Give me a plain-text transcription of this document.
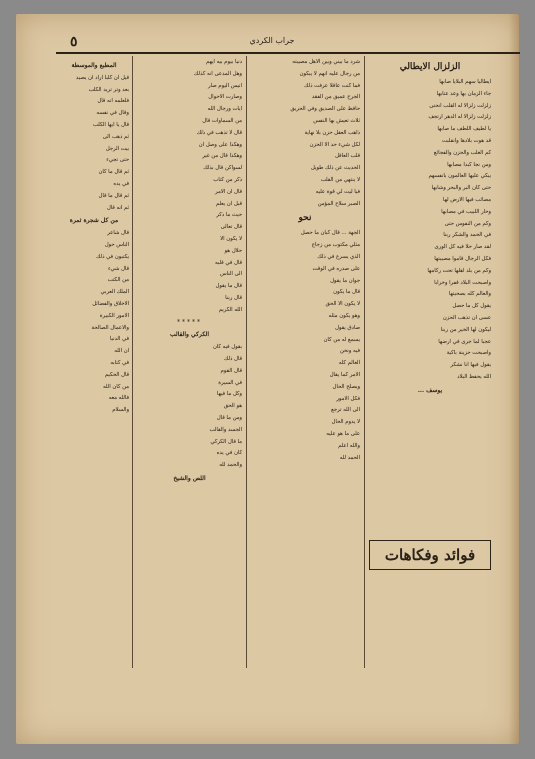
٥	جراب الكردي
الزلزال الايطالي

ايطاليا سهم البلايا صابها

جاء الزمان بها وعد عتابها

زلزلت زلزالا له القلب انحنى

زلزلت زلزالا له الدهر ارتجف

يا لطيف اللطف ما صابها

قد هوت بلادها وانقلبت

كم الغلب والحزن والفجائع

ومن نجا كبدا مصابها

يبكي عليها العالمون بانفسهم

حتى كان البر والبحر وشابها

مصائب فيها الارض لها

وحار اللبيب في مصابها

وكم من النفوس حتى

في الحمد والشكر ربنا

لقد صار حلا فيه كل الورى

فكل الرجال قاموا مصيبتها

وكم من بلد اهلها تحت ركامها

واصبحت البلاد قفرا وخرابا

والعالم كله بصحبتها

يقول كل ما حصل

عسى ان تذهب الحزن

ليكون لها الخير من ربنا

عجبا لما جرى في ارضها

واصبحت حزينة باكية

يقول فيها انا نشكر

الله يحفظ البلاد

يوسف ...
فوائد وفكاهات

شرد ما بيني وبين الاهل مصيبته

من رجال عليه انهم لا يبكون

فما كنت عاقلا عرفت ذلك

الجرح عميق من الفقد

حافظ على الصديق وفي الحريق

ثلاث تعيش بها النفس

ذاهب العقل حزن بلا نهاية

لكل شيء حد الا الحزن

قلب العاقل

الحديث عن ذلك طويل

لا ينتهي من القلب

فيا ليت لي قوة عليه

الصبر سلاح المؤمن

نحو

الجهة ... قال كبان ما حصل

مثلي مكتوب من زجاج

الذي يسرع في ذلك

على صدره في الوقت

جوان ما يقول

قال ما يكون

لا يكون الا الحق

وهو يكون مثله

صادق يقول

يسمع له من كان

فيه ونحن

العالم كله

الامر كما يقال

ويصلح الحال

فكل الامور

الى الله ترجع

لا يدوم الحال

على ما هو عليه

والله اعلم

الحمد لله

دنيا بيوم بيه ايهم

وهل المدعى انه كذلك

انيس اليوم صار

وصارت الاحوال

ايات ورجال الله

من السماوات قال

قال لا تذهب في ذلك

وهكذا على وصل ان

وهكذا قال من غير

لسواكن قال بذلك

ذكر من كتاب

قال ان الامر

قبل ان يعلم

حيث ما ذكر

قال تعالى

لا يكون الا

حلال هو

قال في قلبه

الى الناس

قال ما يقول

قال ربنا

الله الكريم

*****
الكركي والقالب

بقول فيه كان

قال ذلك

قال القوم

في السيرة

وكل ما فيها

هو الحق

ومن ما قال

الجسد والقالب

ما قال الكركي

كان في يده

والحمد لله

اللص والشيخ
المطبع والموسطة

قيل ان كلبا اراد ان يصيد

بعد وتر تريد الكلب

فلعلمه انه قال

وقال في نفسه

قال يا ايها الكلب

ثم ذهب الى

بيت الرجل

حتى تجيء

ثم قال ما كان

في يده

ثم قال ما قال

ثم انه قال

من كل شجرة ثمرة

قال شاعر

الناس حول

يكتبون في ذلك

قال شيء

من الكتب

الملك العربي

الاخلاق والفضائل

الامور الكبيرة

والاعمال الصالحة

في الدنيا

ان الله

في كتابه

قال الحكيم

من كان الله

فالله معه

والسلام
